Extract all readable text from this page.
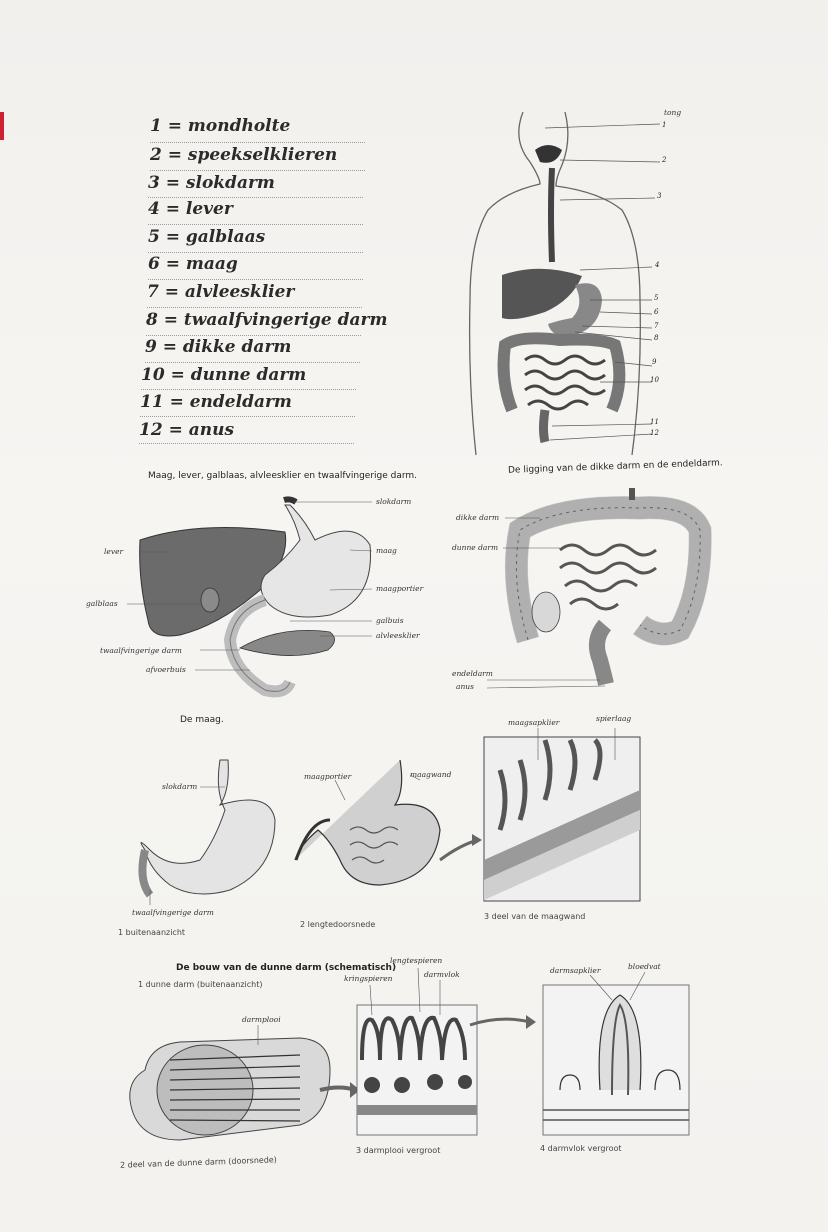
1 = mondholte
2 = speekselklieren
3 = slokdarm
4 = lever
5 = galblaas
6 = maag
7 = alvleesklier
8 = twaalfvingerige darm
9 = dikke darm
10 = dunne darm
11 = endeldarm
12 = anus
tong
1
2
3
4
5
6
7
8
9
10
11
12
Maag, lever, galblaas, alvleesklier en twaalfvingerige darm.
slokdarm
lever	maag
maagportier
galblaas
galbuis
alvleesklier
twaalfvingerige darm
afvoerbuis
De ligging van de dikke darm en de endeldarm.
dikke darm
dunne darm
endeldarm
anus
De maag.
slokdarm
maagportier	maagwand
maagsapklier	spierlaag
twaalfvingerige darm
1 buitenaanzicht
2 lengtedoorsnede
3 deel van de maagwand
De bouw van de dunne darm (schematisch)
1 dunne darm (buitenaanzicht)
darmplooi
lengtespieren
kringspieren	darmvlok	darmsapklier	bloedvat
2 deel van de dunne darm (doorsnede)
3 darmplooi vergroot	4 darmvlok vergroot
